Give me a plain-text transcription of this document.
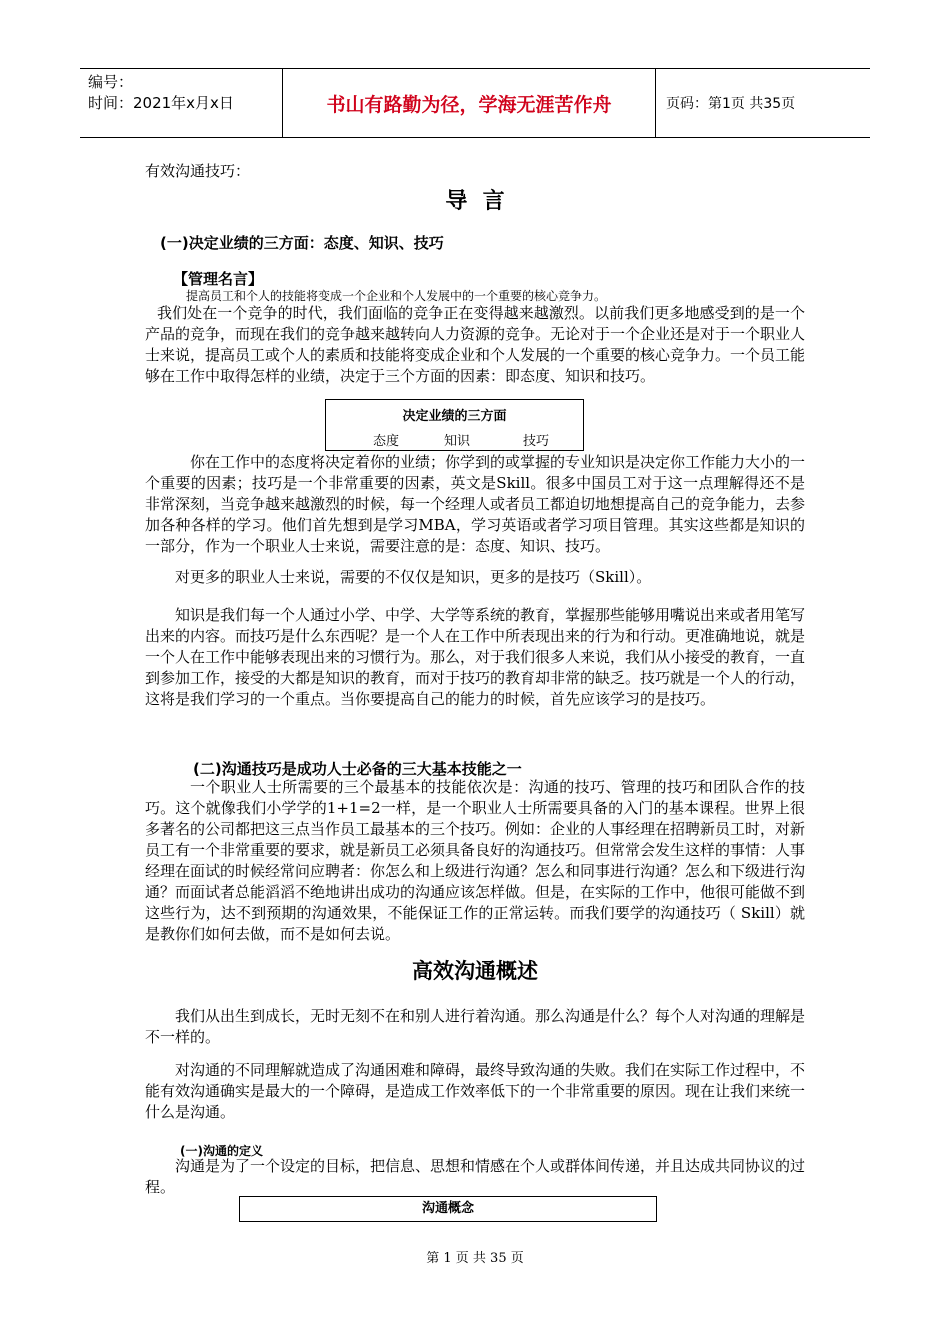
编号：
时间：2021年x月x日	书山有路勤为径，学海无涯苦作舟	页码：第1页 共35页
有效沟通技巧：
导  言
(一)决定业绩的三方面：态度、知识、技巧
【管理名言】
提高员工和个人的技能将变成一个企业和个人发展中的一个重要的核心竞争力。
我们处在一个竞争的时代，我们面临的竞争正在变得越来越激烈。以前我们更多地感受到的是一个产品的竞争，而现在我们的竞争越来越转向人力资源的竞争。无论对于一个企业还是对于一个职业人士来说，提高员工或个人的素质和技能将变成企业和个人发展的一个重要的核心竞争力。一个员工能够在工作中取得怎样的业绩，决定于三个方面的因素：即态度、知识和技巧。
决定业绩的三方面
态度	知识	技巧
你在工作中的态度将决定着你的业绩；你学到的或掌握的专业知识是决定你工作能力大小的一个重要的因素；技巧是一个非常重要的因素，英文是Skill。很多中国员工对于这一点理解得还不是非常深刻，当竞争越来越激烈的时候，每一个经理人或者员工都迫切地想提高自己的竞争能力，去参加各种各样的学习。他们首先想到是学习MBA，学习英语或者学习项目管理。其实这些都是知识的一部分，作为一个职业人士来说，需要注意的是：态度、知识、技巧。
对更多的职业人士来说，需要的不仅仅是知识，更多的是技巧（Skill）。
知识是我们每一个人通过小学、中学、大学等系统的教育，掌握那些能够用嘴说出来或者用笔写出来的内容。而技巧是什么东西呢？是一个人在工作中所表现出来的行为和行动。更准确地说，就是一个人在工作中能够表现出来的习惯行为。那么，对于我们很多人来说，我们从小接受的教育，一直到参加工作，接受的大都是知识的教育，而对于技巧的教育却非常的缺乏。技巧就是一个人的行动，这将是我们学习的一个重点。当你要提高自己的能力的时候，首先应该学习的是技巧。
(二)沟通技巧是成功人士必备的三大基本技能之一
一个职业人士所需要的三个最基本的技能依次是：沟通的技巧、管理的技巧和团队合作的技巧。这个就像我们小学学的1+1=2一样，是一个职业人士所需要具备的入门的基本课程。世界上很多著名的公司都把这三点当作员工最基本的三个技巧。例如：企业的人事经理在招聘新员工时，对新员工有一个非常重要的要求，就是新员工必须具备良好的沟通技巧。但常常会发生这样的事情：人事经理在面试的时候经常问应聘者：你怎么和上级进行沟通？怎么和同事进行沟通？怎么和下级进行沟通？而面试者总能滔滔不绝地讲出成功的沟通应该怎样做。但是，在实际的工作中，他很可能做不到这些行为，达不到预期的沟通效果，不能保证工作的正常运转。而我们要学的沟通技巧（ Skill）就是教你们如何去做，而不是如何去说。
高效沟通概述
我们从出生到成长，无时无刻不在和别人进行着沟通。那么沟通是什么？每个人对沟通的理解是不一样的。
对沟通的不同理解就造成了沟通困难和障碍，最终导致沟通的失败。我们在实际工作过程中，不能有效沟通确实是最大的一个障碍，是造成工作效率低下的一个非常重要的原因。现在让我们来统一什么是沟通。
(一)沟通的定义
沟通是为了一个设定的目标，把信息、思想和情感在个人或群体间传递，并且达成共同协议的过程。
沟通概念
第 1 页 共 35 页
